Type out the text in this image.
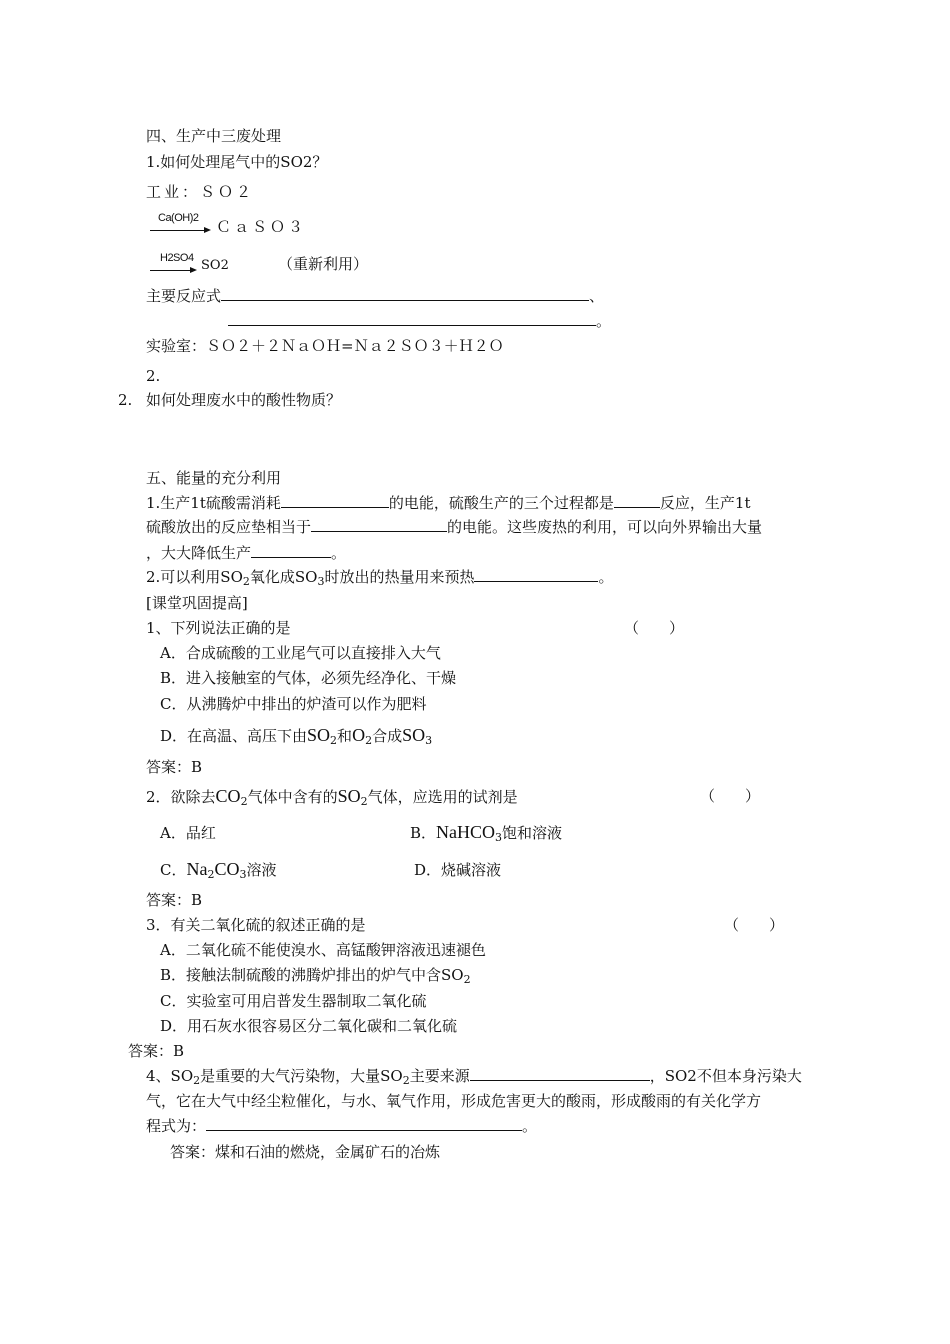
四、生产中三废处理
1.如何处理尾气中的SO2？
工业：ＳＯ２
Ca(OH)2 ＣａＳＯ３
H2SO4 SO2	（重新利用）
主要反应式	、
。
实验室：ＳＯ２＋２ＮａＯＨ=Ｎａ２ＳＯ３＋Ｈ２Ｏ
2.
2. 如何处理废水中的酸性物质？
五、能量的充分利用
1.生产1t硫酸需消耗	的电能，硫酸生产的三个过程都是	反应，生产1t
硫酸放出的反应垫相当于	的电能。这些废热的利用，可以向外界输出大量
，大大降低生产	。
2.可以利用$SO_2$氧化成$SO_3$时放出的热量用来预热	。
[课堂巩固提高]
1、下列说法正确的是	（　　）
A．合成硫酸的工业尾气可以直接排入大气
B．进入接触室的气体，必须先经净化、干燥
C．从沸腾炉中排出的炉渣可以作为肥料
D．在高温、高压下由$SO_2$和$O_2$合成$SO_3$
答案：B
2．欲除去$CO_2$气体中含有的$SO_2$气体，应选用的试剂是	（　　）
A．品红	B．NaHCO$_3$饱和溶液
C．$Na_2CO_3$溶液	D．烧碱溶液
答案：B
3．有关二氧化硫的叙述正确的是	（　　）
A．二氧化硫不能使溴水、高锰酸钾溶液迅速褪色
B．接触法制硫酸的沸腾炉排出的炉气中含$SO_2$
C．实验室可用启普发生器制取二氧化硫
D．用石灰水很容易区分二氧化碳和二氧化硫
答案：B
4、$SO_2$是重要的大气污染物，大量$SO_2$主要来源	，SO2不但本身污染大
气，它在大气中经尘粒催化，与水、氧气作用，形成危害更大的酸雨，形成酸雨的有关化学方
程式为：	。
答案：煤和石油的燃烧，金属矿石的冶炼
